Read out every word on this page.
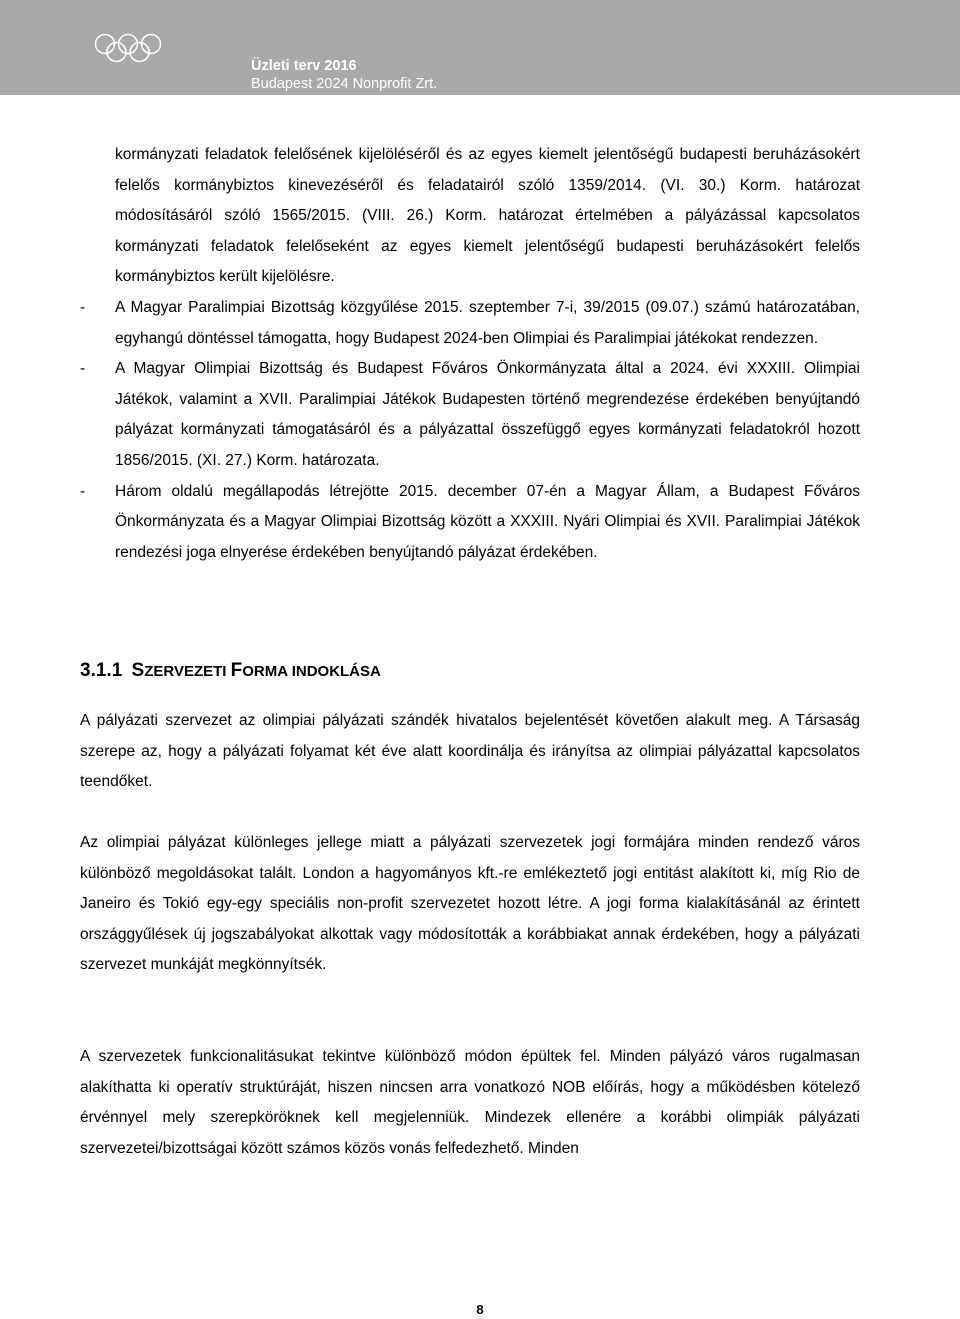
Üzleti terv 2016
Budapest 2024 Nonprofit Zrt.

kormányzati feladatok felelősének kijelöléséről és az egyes kiemelt jelentőségű budapesti beruházásokért felelős kormánybiztos kinevezéséről és feladatairól szóló 1359/2014. (VI. 30.) Korm. határozat módosításáról szóló 1565/2015. (VIII. 26.) Korm. határozat értelmében a pályázással kapcsolatos kormányzati feladatok felelőseként az egyes kiemelt jelentőségű budapesti beruházásokért felelős kormánybiztos került kijelölésre.

- A Magyar Paralimpiai Bizottság közgyűlése 2015. szeptember 7-i, 39/2015 (09.07.) számú határozatában, egyhangú döntéssel támogatta, hogy Budapest 2024-ben Olimpiai és Paralimpiai játékokat rendezzen.

- A Magyar Olimpiai Bizottság és Budapest Főváros Önkormányzata által a 2024. évi XXXIII. Olimpiai Játékok, valamint a XVII. Paralimpiai Játékok Budapesten történő megrendezése érdekében benyújtandó pályázat kormányzati támogatásáról és a pályázattal összefüggő egyes kormányzati feladatokról hozott 1856/2015. (XI. 27.) Korm. határozata.

- Három oldalú megállapodás létrejötte 2015. december 07-én a Magyar Állam, a Budapest Főváros Önkormányzata és a Magyar Olimpiai Bizottság között a XXXIII. Nyári Olimpiai és XVII. Paralimpiai Játékok rendezési joga elnyerése érdekében benyújtandó pályázat érdekében.

3.1.1 SZERVEZETI FORMA INDOKLÁSA

A pályázati szervezet az olimpiai pályázati szándék hivatalos bejelentését követően alakult meg. A Társaság szerepe az, hogy a pályázati folyamat két éve alatt koordinálja és irányítsa az olimpiai pályázattal kapcsolatos teendőket.

Az olimpiai pályázat különleges jellege miatt a pályázati szervezetek jogi formájára minden rendező város különböző megoldásokat talált. London a hagyományos kft.-re emlékeztető jogi entitást alakított ki, míg Rio de Janeiro és Tokió egy-egy speciális non-profit szervezetet hozott létre. A jogi forma kialakításánál az érintett országgyűlések új jogszabályokat alkottak vagy módosították a korábbiakat annak érdekében, hogy a pályázati szervezet munkáját megkönnyítsék.

A szervezetek funkcionalitásukat tekintve különböző módon épültek fel. Minden pályázó város rugalmasan alakíthatta ki operatív struktúráját, hiszen nincsen arra vonatkozó NOB előírás, hogy a működésben kötelező érvénnyel mely szerepköröknek kell megjelenniük. Mindezek ellenére a korábbi olimpiák pályázati szervezetei/bizottságai között számos közös vonás felfedezhető. Minden

8
